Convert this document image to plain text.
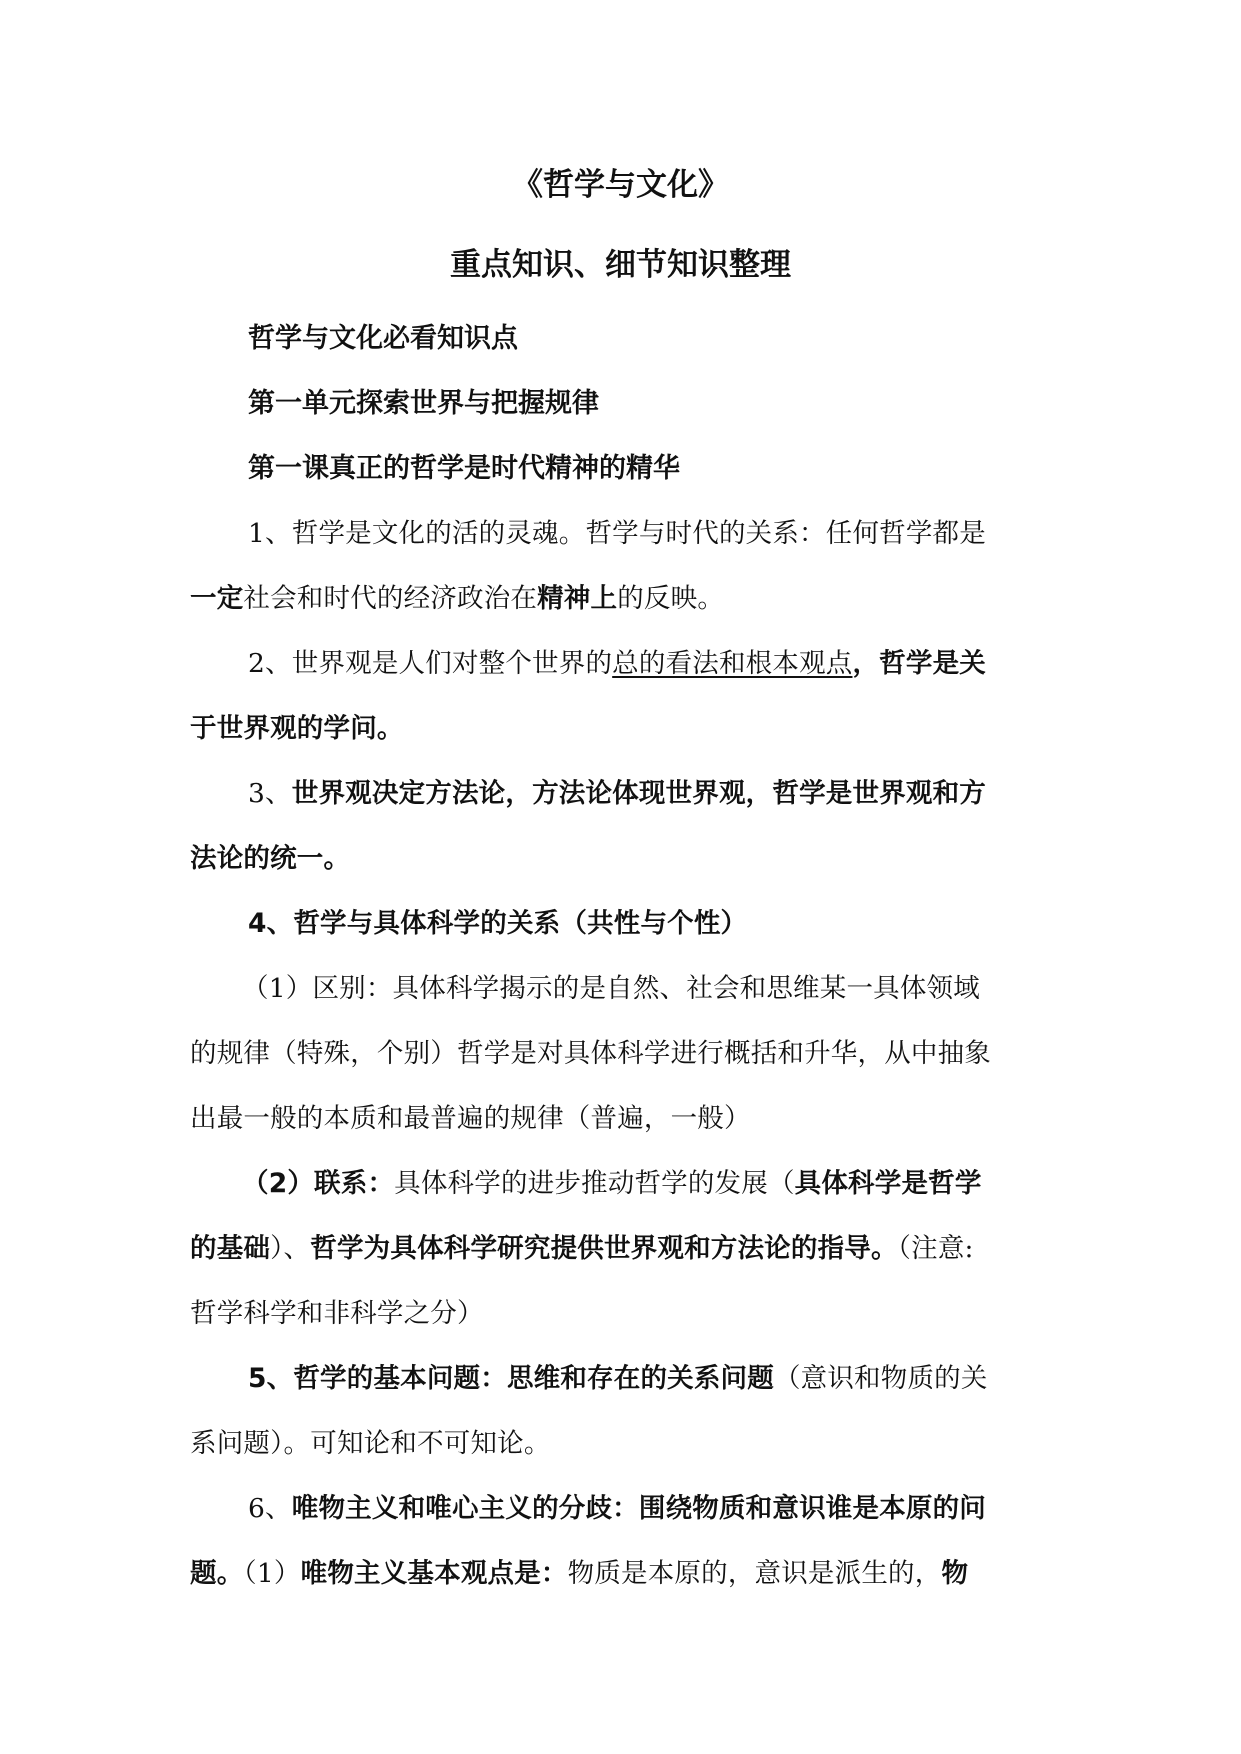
《哲学与文化》
重点知识、细节知识整理
哲学与文化必看知识点
第一单元探索世界与把握规律
第一课真正的哲学是时代精神的精华
1、哲学是文化的活的灵魂。哲学与时代的关系：任何哲学都是
一定社会和时代的经济政治在精神上的反映。
2、世界观是人们对整个世界的总的看法和根本观点，哲学是关
于世界观的学问。
3、世界观决定方法论，方法论体现世界观，哲学是世界观和方
法论的统一。
4、哲学与具体科学的关系（共性与个性）
（1）区别：具体科学揭示的是自然、社会和思维某一具体领域
的规律（特殊，个别）哲学是对具体科学进行概括和升华，从中抽象
出最一般的本质和最普遍的规律（普遍，一般）
（2）联系：具体科学的进步推动哲学的发展（具体科学是哲学
的基础）、哲学为具体科学研究提供世界观和方法论的指导。（注意:
哲学科学和非科学之分）
5、哲学的基本问题：思维和存在的关系问题（意识和物质的关
系问题）。可知论和不可知论。
6、唯物主义和唯心主义的分歧：围绕物质和意识谁是本原的问
题。（1）唯物主义基本观点是：物质是本原的，意识是派生的，物
